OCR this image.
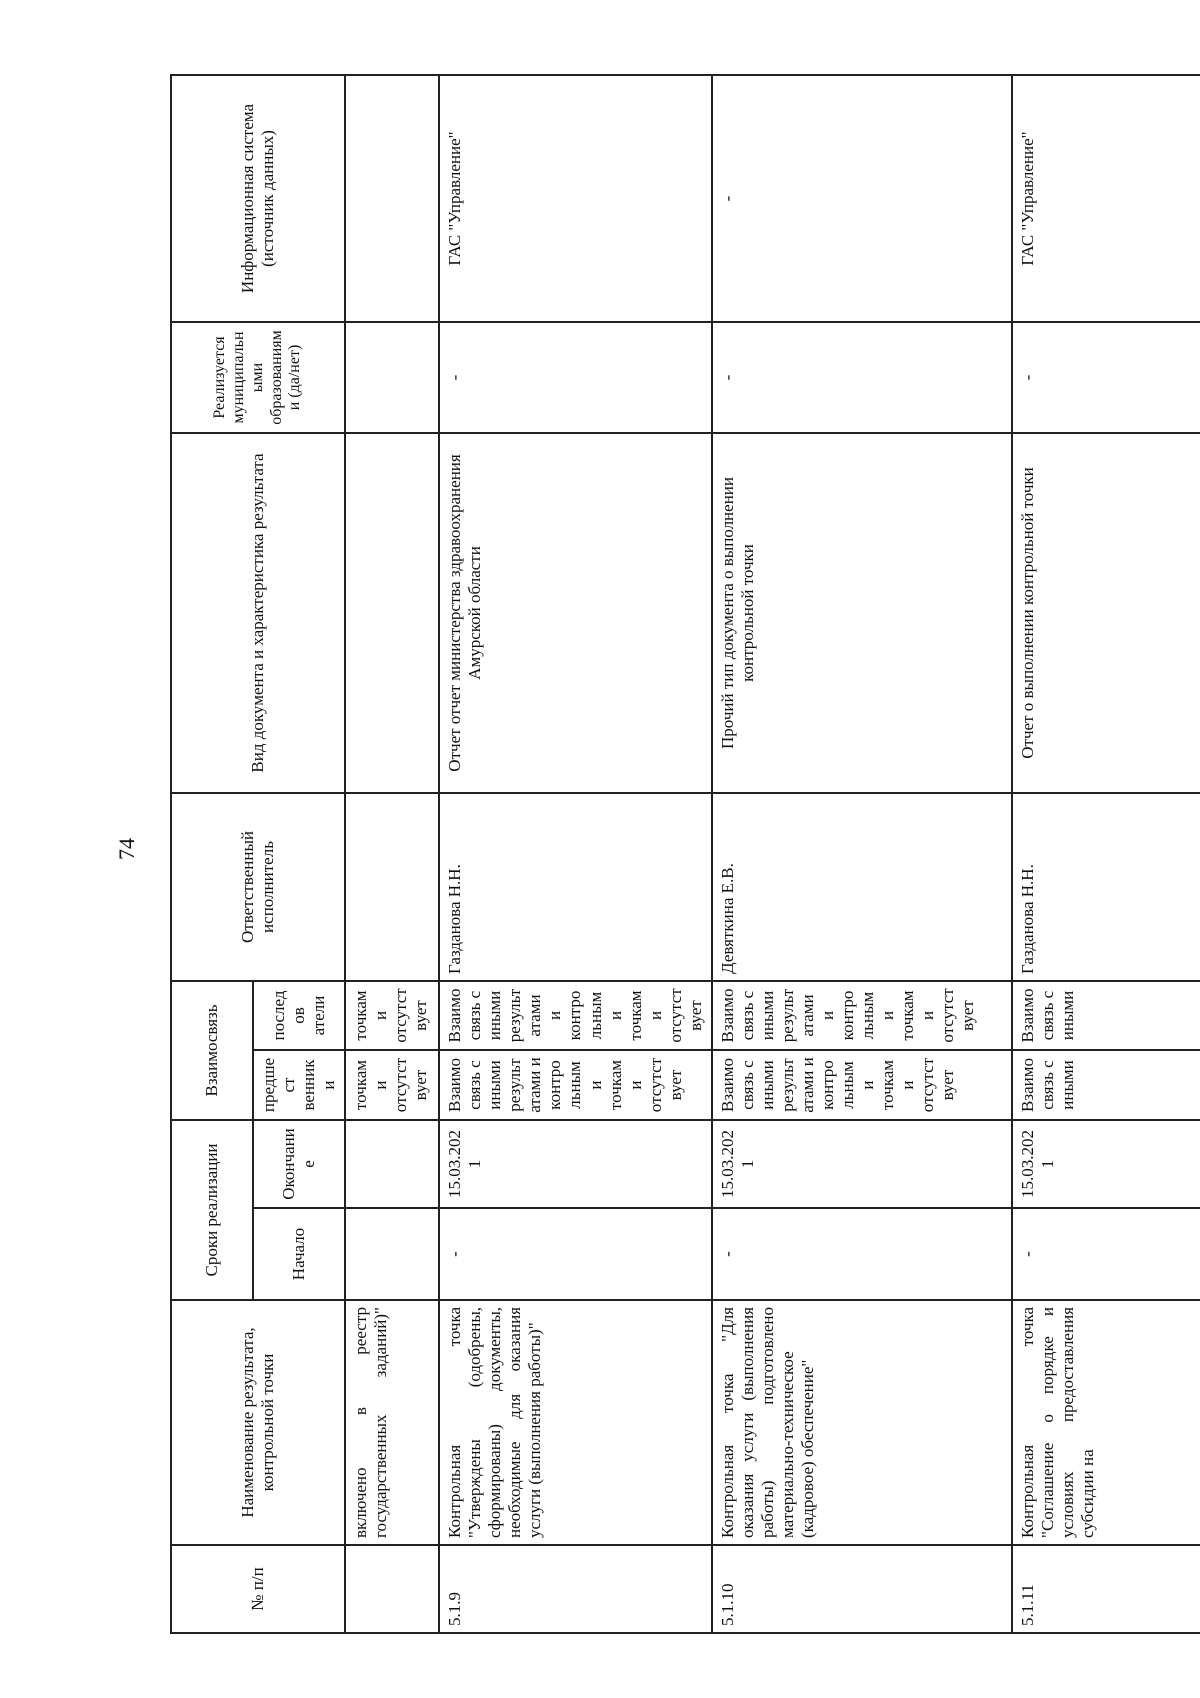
74
№ п/п	Наименование результата, контрольной точки	Сроки реализации		Взаимосвязь		Ответственный исполнитель	Вид документа и характеристика результата	Реализуется муниципальными образованиями (да/нет)	Информационная система (источник данных)
		Начало	Окончание	предшест венники	последов атели				
	включено в реестр государственных заданий)"			точками отсутствует	точками отсутствует				
5.1.9	Контрольная точка "Утверждены (одобрены, сформированы) документы, необходимые для оказания услуги (выполнения работы)"	-	15.03.2021	Взаимосвязь с иными результатами и контрольными точками отсутствует	Взаимосвязь с иными результатами и контрольными точками отсутствует	Газданова Н.Н.	Отчет отчет министерства здравоохранения Амурской области	-	ГАС "Управление"
5.1.10	Контрольная точка "Для оказания услуги (выполнения работы) подготовлено материально-техническое (кадровое) обеспечение"	-	15.03.2021	Взаимосвязь с иными результатами и контрольными точками отсутствует	Взаимосвязь с иными результатами и контрольными точками отсутствует	Девяткина Е.В.	Прочий тип документа о выполнении контрольной точки	-	-
5.1.11	Контрольная точка "Соглашение о порядке и условиях предоставления субсидии на	-	15.03.2021	Взаимосвязь с иными	Взаимосвязь с иными	Газданова Н.Н.	Отчет о выполнении контрольной точки	-	ГАС "Управление"
